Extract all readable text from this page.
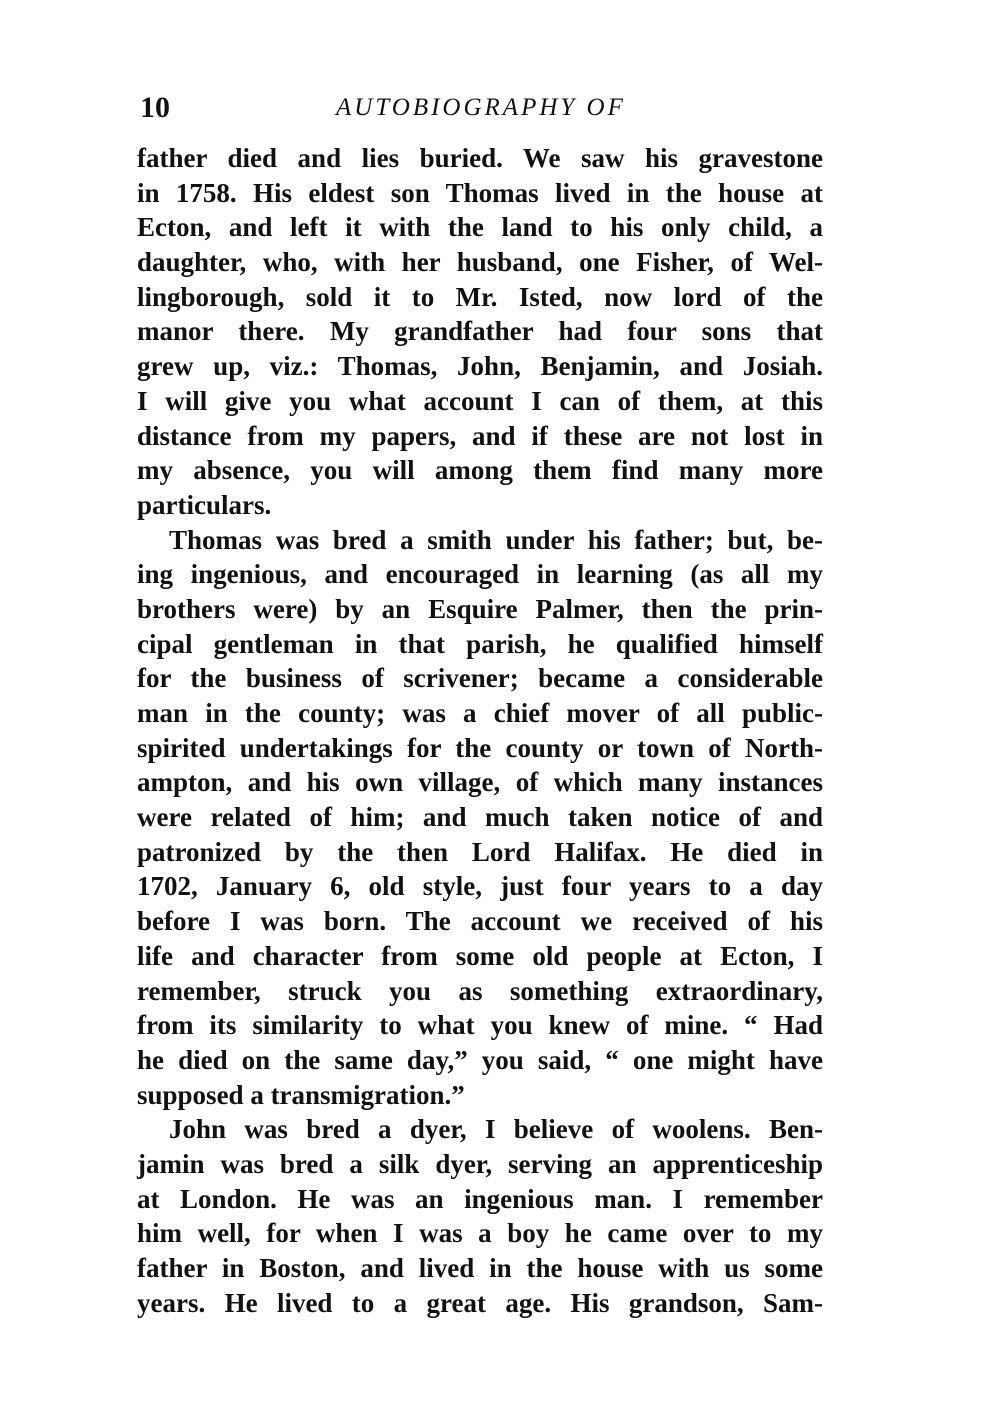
10	AUTOBIOGRAPHY OF
father died and lies buried. We saw his gravestone
in 1758. His eldest son Thomas lived in the house at
Ecton, and left it with the land to his only child, a
daughter, who, with her husband, one Fisher, of Wel-
lingborough, sold it to Mr. Isted, now lord of the
manor there. My grandfather had four sons that
grew up, viz.: Thomas, John, Benjamin, and Josiah.
I will give you what account I can of them, at this
distance from my papers, and if these are not lost in
my absence, you will among them find many more
particulars.
Thomas was bred a smith under his father; but, be-
ing ingenious, and encouraged in learning (as all my
brothers were) by an Esquire Palmer, then the prin-
cipal gentleman in that parish, he qualified himself
for the business of scrivener; became a considerable
man in the county; was a chief mover of all public-
spirited undertakings for the county or town of North-
ampton, and his own village, of which many instances
were related of him; and much taken notice of and
patronized by the then Lord Halifax. He died in
1702, January 6, old style, just four years to a day
before I was born. The account we received of his
life and character from some old people at Ecton, I
remember, struck you as something extraordinary,
from its similarity to what you knew of mine. “ Had
he died on the same day,” you said, “ one might have
supposed a transmigration.”
John was bred a dyer, I believe of woolens. Ben-
jamin was bred a silk dyer, serving an apprenticeship
at London. He was an ingenious man. I remember
him well, for when I was a boy he came over to my
father in Boston, and lived in the house with us some
years. He lived to a great age. His grandson, Sam-
